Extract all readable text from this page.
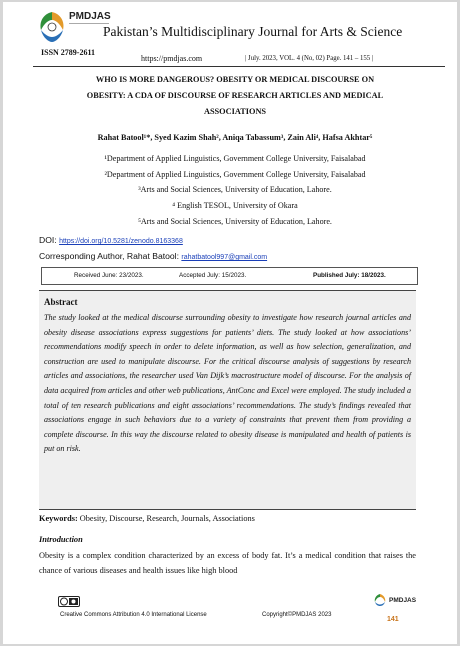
PMDJAS
Pakistan’s Multidisciplinary Journal for Arts & Science
ISSN 2789-2611
https://pmdjas.com	| July. 2023, VOL. 4 (No, 02) Page. 141 – 155 |
WHO IS MORE DANGEROUS? OBESITY OR MEDICAL DISCOURSE ON
OBESITY: A CDA OF DISCOURSE OF RESEARCH ARTICLES AND MEDICAL
ASSOCIATIONS
Rahat Batool¹*, Syed Kazim Shah², Aniqa Tabassum³, Zain Ali⁴, Hafsa Akhtar⁵
¹Department of Applied Linguistics, Government College University, Faisalabad
²Department of Applied Linguistics, Government College University, Faisalabad
³Arts and Social Sciences, University of Education, Lahore.
⁴ English TESOL, University of Okara
⁵Arts and Social Sciences, University of Education, Lahore.
DOI: https://doi.org/10.5281/zenodo.8163368
Corresponding Author, Rahat Batool: rahatbatool997@gmail.com
Received June: 23/2023.	Accepted July: 15/2023.	Published July: 18/2023.
Abstract

The study looked at the medical discourse surrounding obesity to investigate how research journal articles and obesity disease associations express suggestions for patients’ diets. The study looked at how associations’ recommendations modify speech in order to delete information, as well as how selection, generalization, and construction are used to manipulate discourse. For the critical discourse analysis of suggestions by research articles and associations, the researcher used Van Dijk’s macrostructure model of discourse. For the analysis of data acquired from articles and other web publications, AntConc and Excel were employed. The study included a total of ten research publications and eight associations’ recommendations. The study’s findings revealed that associations engage in such behaviors due to a variety of constraints that prevent them from providing a complete discourse. In this way the discourse related to obesity disease is manipulated and health of patients is put on risk.

Keywords: Obesity, Discourse, Research, Journals, Associations
Introduction

Obesity is a complex condition characterized by an excess of body fat. It’s a medical condition that raises the chance of various diseases and health issues like high blood

Creative Commons Attribution 4.0 International License	Copyright©PMDJAS 2023
PMDJAS
141
